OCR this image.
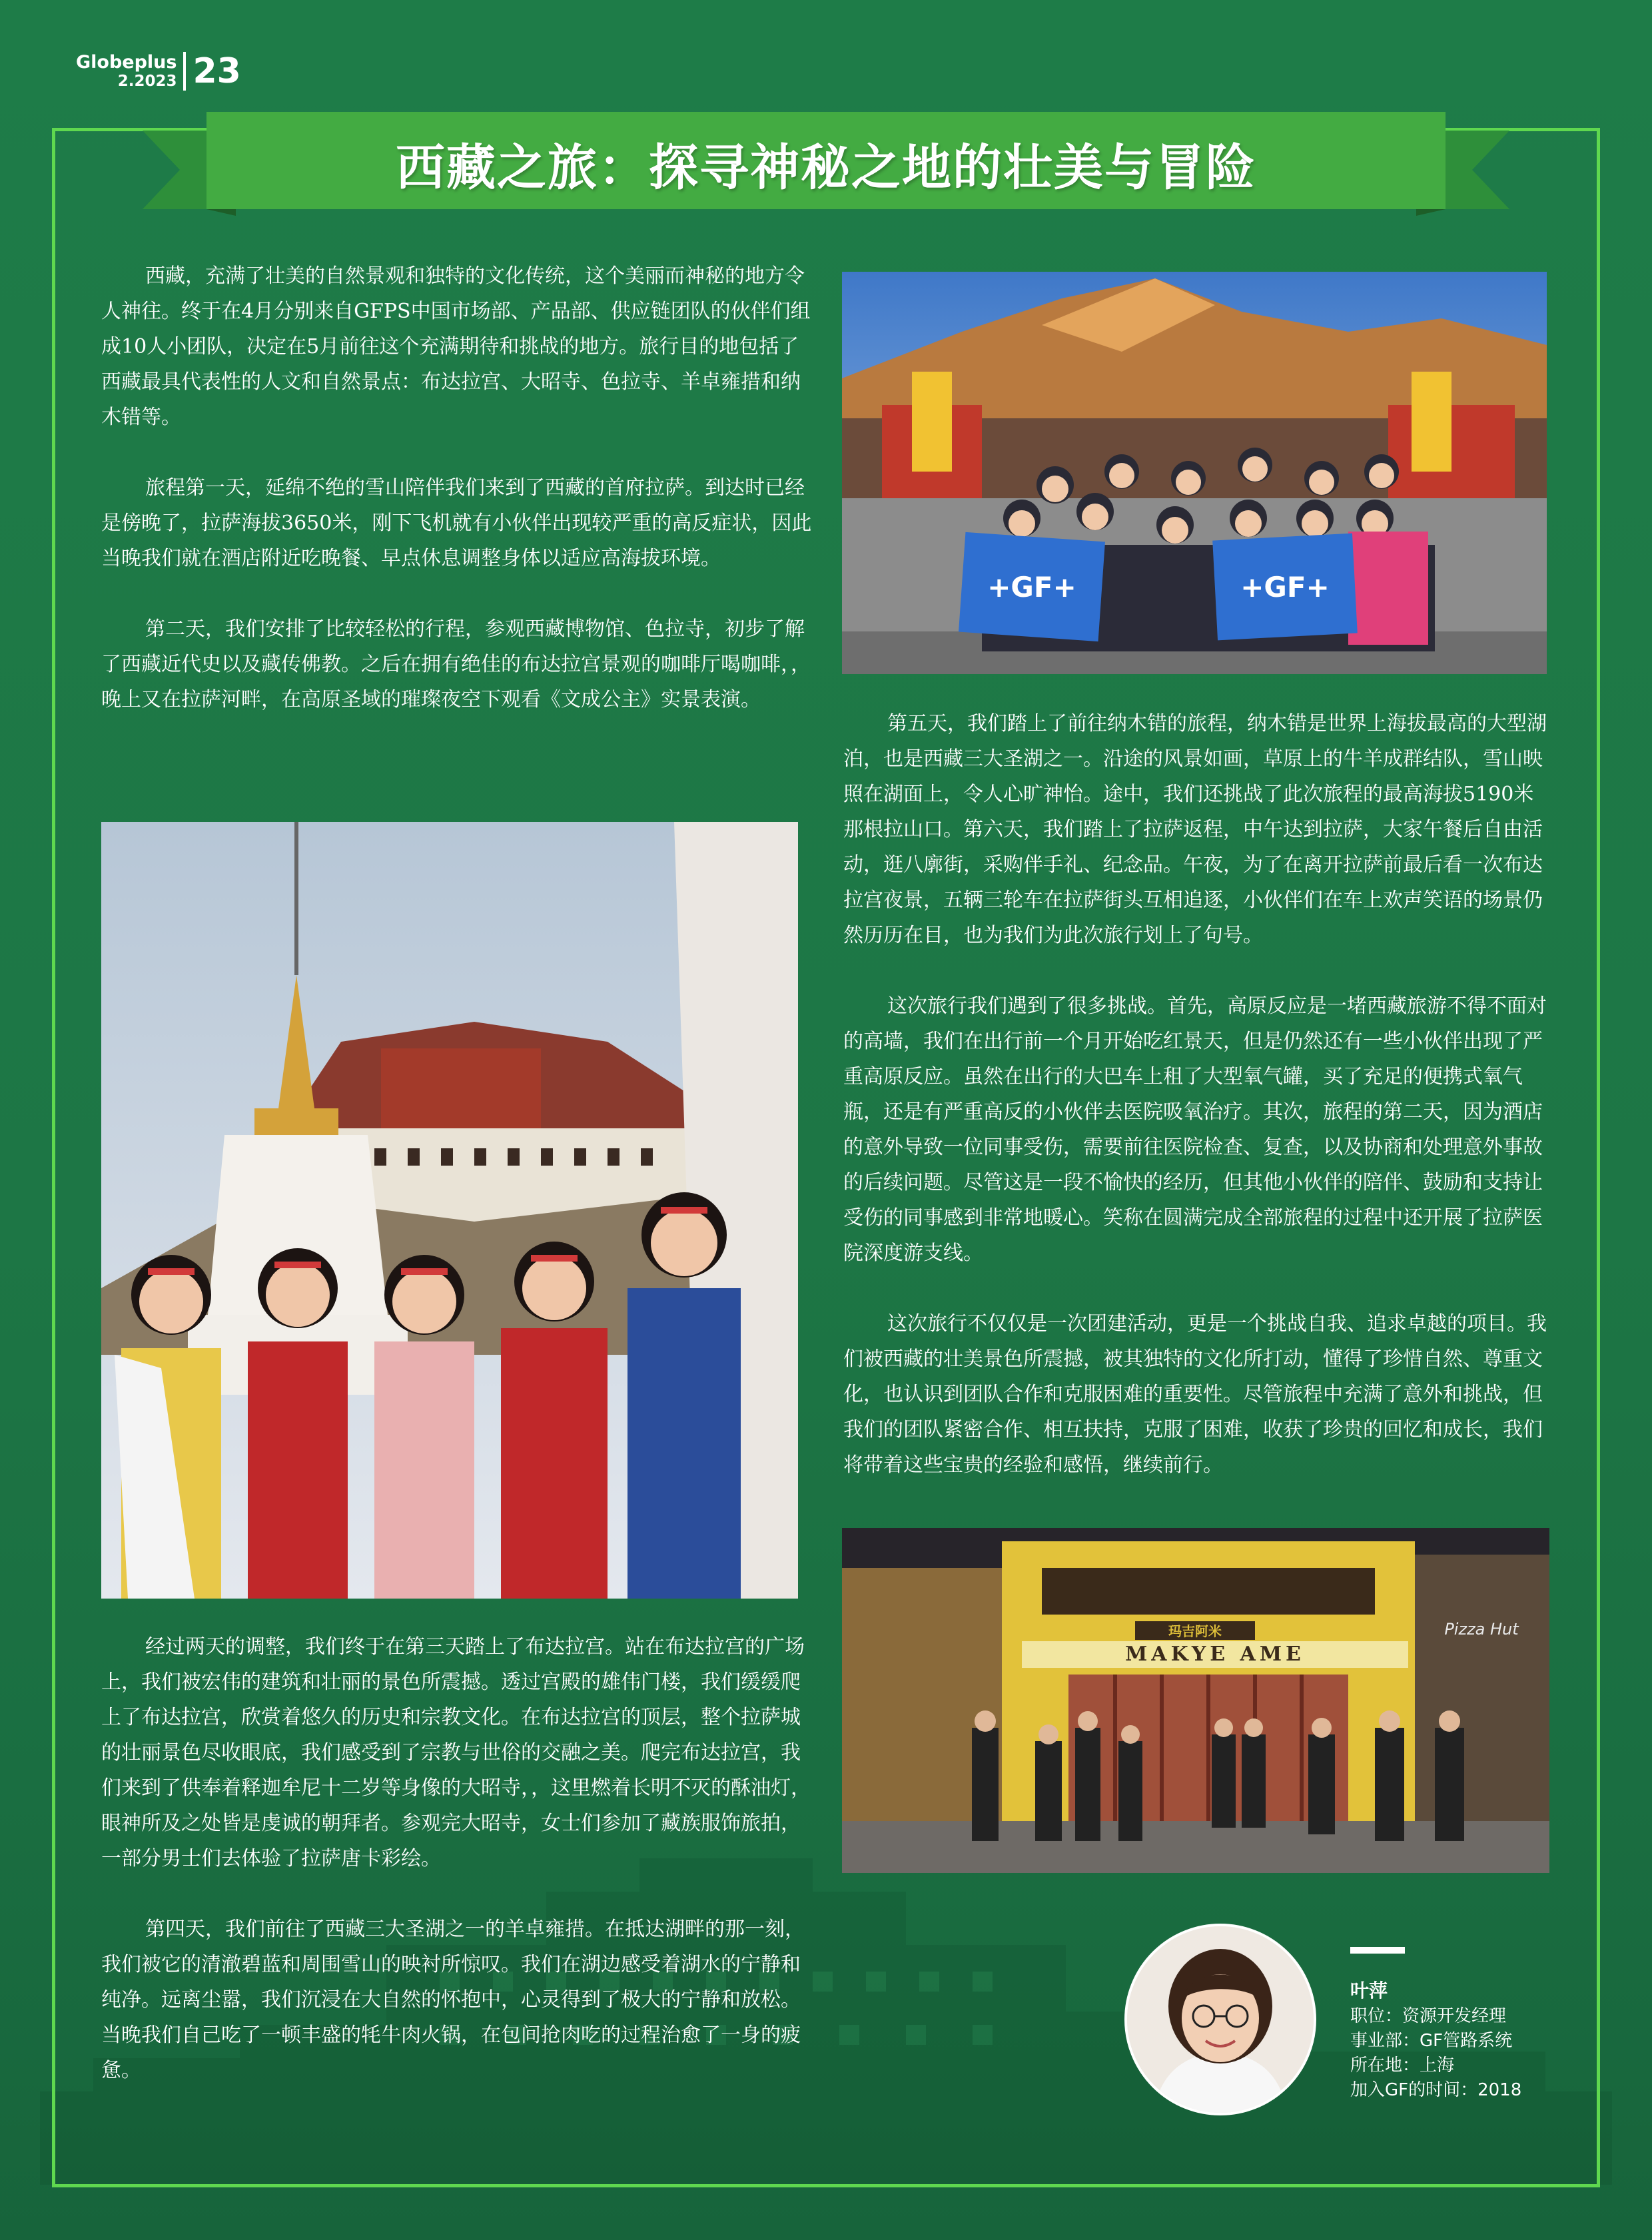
Globeplus
2.2023 23
西藏之旅：探寻神秘之地的壮美与冒险

西藏，充满了壮美的自然景观和独特的文化传统，这个美丽而神秘的地方令人神往。终于在4月分别来自GFPS中国市场部、产品部、供应链团队的伙伴们组成10人小团队，决定在5月前往这个充满期待和挑战的地方。旅行目的地包括了西藏最具代表性的人文和自然景点：布达拉宫、大昭寺、色拉寺、羊卓雍措和纳木错等。

旅程第一天，延绵不绝的雪山陪伴我们来到了西藏的首府拉萨。到达时已经是傍晚了，拉萨海拔3650米，刚下飞机就有小伙伴出现较严重的高反症状，因此当晚我们就在酒店附近吃晚餐、早点休息调整身体以适应高海拔环境。

第二天，我们安排了比较轻松的行程，参观西藏博物馆、色拉寺，初步了解了西藏近代史以及藏传佛教。之后在拥有绝佳的布达拉宫景观的咖啡厅喝咖啡，，晚上又在拉萨河畔，在高原圣域的璀璨夜空下观看《文成公主》实景表演。

+GF+	+GF+

第五天，我们踏上了前往纳木错的旅程，纳木错是世界上海拔最高的大型湖泊，也是西藏三大圣湖之一。沿途的风景如画，草原上的牛羊成群结队，雪山映照在湖面上，令人心旷神怡。途中，我们还挑战了此次旅程的最高海拔5190米那根拉山口。第六天，我们踏上了拉萨返程，中午达到拉萨，大家午餐后自由活动，逛八廓街，采购伴手礼、纪念品。午夜，为了在离开拉萨前最后看一次布达拉宫夜景，五辆三轮车在拉萨街头互相追逐，小伙伴们在车上欢声笑语的场景仍然历历在目，也为我们为此次旅行划上了句号。

这次旅行我们遇到了很多挑战。首先，高原反应是一堵西藏旅游不得不面对的高墙，我们在出行前一个月开始吃红景天，但是仍然还有一些小伙伴出现了严重高原反应。虽然在出行的大巴车上租了大型氧气罐，买了充足的便携式氧气瓶，还是有严重高反的小伙伴去医院吸氧治疗。其次，旅程的第二天，因为酒店的意外导致一位同事受伤，需要前往医院检查、复查，以及协商和处理意外事故的后续问题。尽管这是一段不愉快的经历，但其他小伙伴的陪伴、鼓励和支持让受伤的同事感到非常地暖心。笑称在圆满完成全部旅程的过程中还开展了拉萨医院深度游支线。

这次旅行不仅仅是一次团建活动，更是一个挑战自我、追求卓越的项目。我们被西藏的壮美景色所震撼，被其独特的文化所打动，懂得了珍惜自然、尊重文化，也认识到团队合作和克服困难的重要性。尽管旅程中充满了意外和挑战，但我们的团队紧密合作、相互扶持，克服了困难，收获了珍贵的回忆和成长，我们将带着这些宝贵的经验和感悟，继续前行。

MAKYE AME
玛吉阿米	Pizza Hut

经过两天的调整，我们终于在第三天踏上了布达拉宫。站在布达拉宫的广场上，我们被宏伟的建筑和壮丽的景色所震撼。透过宫殿的雄伟门楼，我们缓缓爬上了布达拉宫，欣赏着悠久的历史和宗教文化。在布达拉宫的顶层，整个拉萨城的壮丽景色尽收眼底，我们感受到了宗教与世俗的交融之美。爬完布达拉宫，我们来到了供奉着释迦牟尼十二岁等身像的大昭寺，，这里燃着长明不灭的酥油灯，眼神所及之处皆是虔诚的朝拜者。参观完大昭寺，女士们参加了藏族服饰旅拍，一部分男士们去体验了拉萨唐卡彩绘。

第四天，我们前往了西藏三大圣湖之一的羊卓雍措。在抵达湖畔的那一刻，我们被它的清澈碧蓝和周围雪山的映衬所惊叹。我们在湖边感受着湖水的宁静和纯净。远离尘嚣，我们沉浸在大自然的怀抱中，心灵得到了极大的宁静和放松。当晚我们自己吃了一顿丰盛的牦牛肉火锅，在包间抢肉吃的过程治愈了一身的疲惫。

叶萍
职位：资源开发经理
事业部：GF管路系统
所在地：上海
加入GF的时间：2018
